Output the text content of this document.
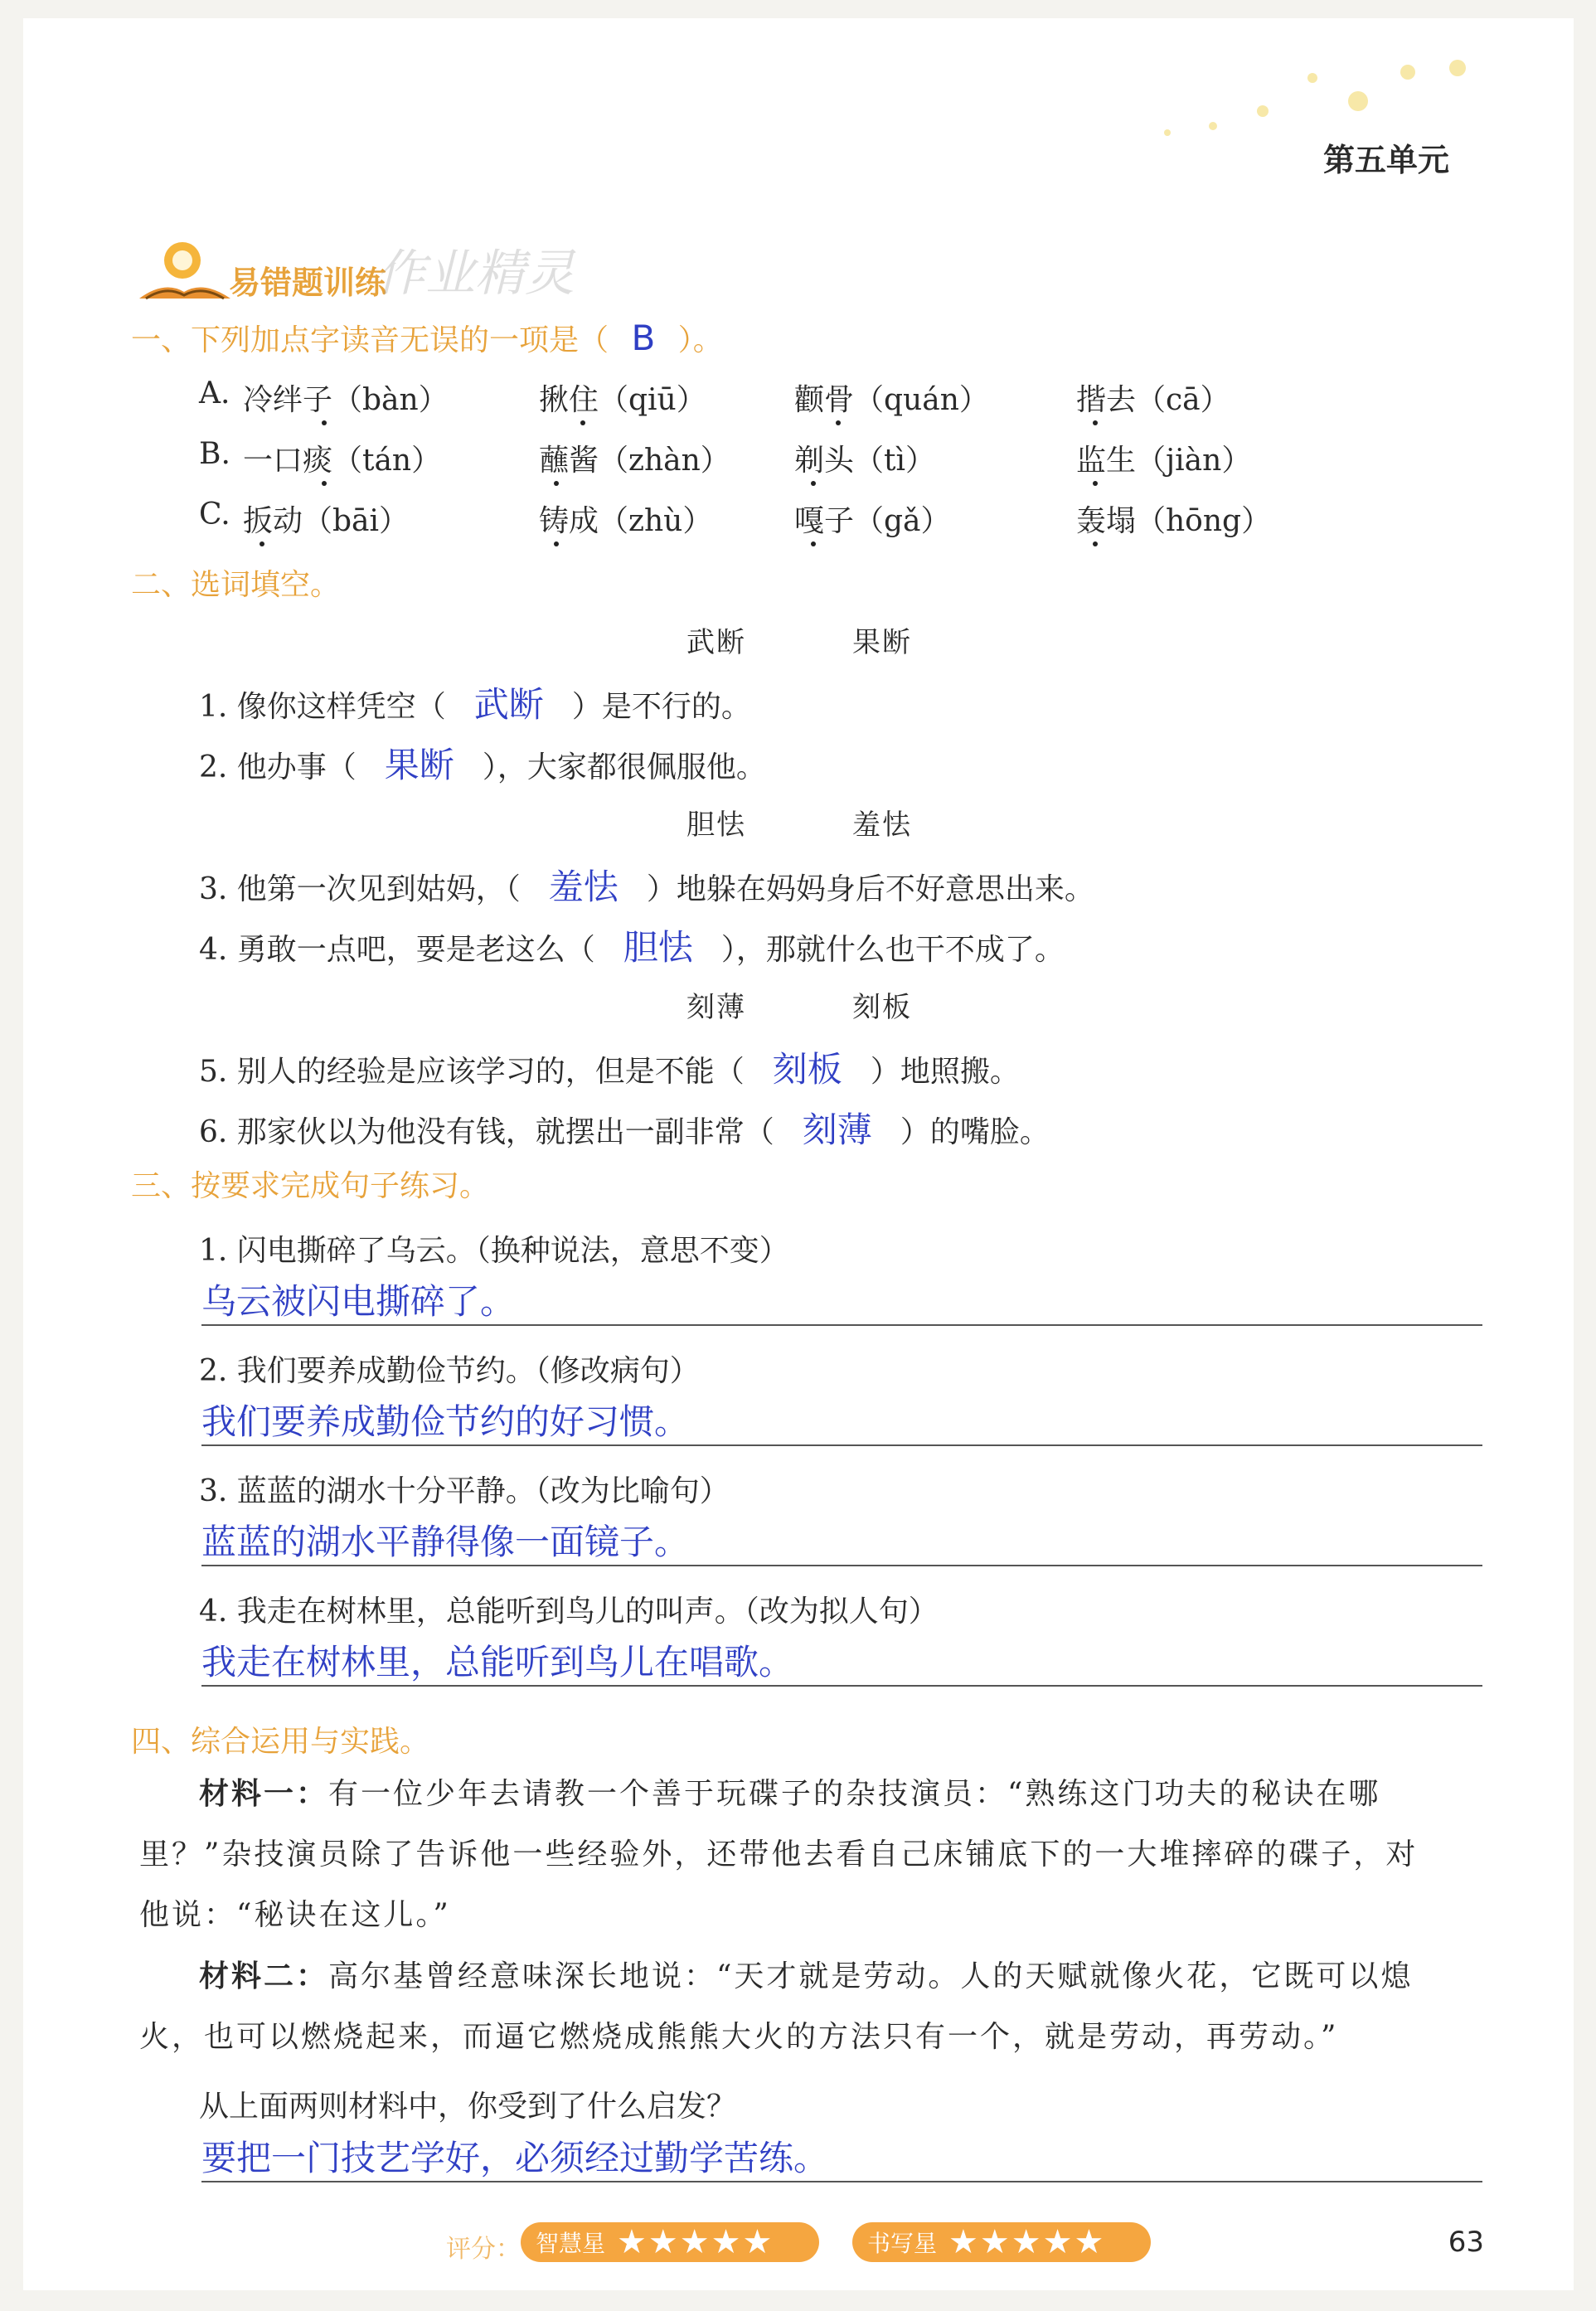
第五单元
易错题训练
作业精灵
一、下列加点字读音无误的一项是（ B ）。
A. 冷绊子（bàn）	揪住（qiū）	颧骨（quán）	揩去（cā）
B. 一口痰（tán）	蘸酱（zhàn） 剃头（tì）	监生（jiàn）
C. 扳动（bāi）	铸成（zhù）	嘎子（gǎ）	轰塌（hōng）
二、选词填空。
武断	果断
1. 像你这样凭空（ 武断 ）是不行的。
2. 他办事（ 果断 ），大家都很佩服他。
胆怯	羞怯
3. 他第一次见到姑妈，（ 羞怯 ）地躲在妈妈身后不好意思出来。
4. 勇敢一点吧，要是老这么（ 胆怯 ），那就什么也干不成了。
刻薄	刻板
5. 别人的经验是应该学习的，但是不能（ 刻板 ）地照搬。
6. 那家伙以为他没有钱，就摆出一副非常（ 刻薄 ）的嘴脸。
三、按要求完成句子练习。
1. 闪电撕碎了乌云。（换种说法，意思不变）
乌云被闪电撕碎了。
2. 我们要养成勤俭节约。（修改病句）
我们要养成勤俭节约的好习惯。
3. 蓝蓝的湖水十分平静。（改为比喻句）
蓝蓝的湖水平静得像一面镜子。
4. 我走在树林里，总能听到鸟儿的叫声。（改为拟人句）
我走在树林里，总能听到鸟儿在唱歌。
四、综合运用与实践。
材料一：有一位少年去请教一个善于玩碟子的杂技演员：“熟练这门功夫的秘诀在哪
里？”杂技演员除了告诉他一些经验外，还带他去看自己床铺底下的一大堆摔碎的碟子，对
他说：“秘诀在这儿。”
材料二：高尔基曾经意味深长地说：“天才就是劳动。人的天赋就像火花，它既可以熄
火，也可以燃烧起来，而逼它燃烧成熊熊大火的方法只有一个，就是劳动，再劳动。”
从上面两则材料中，你受到了什么启发？
要把一门技艺学好，必须经过勤学苦练。
评分： 智慧星 ★★★★★	书写星 ★★★★★	63
